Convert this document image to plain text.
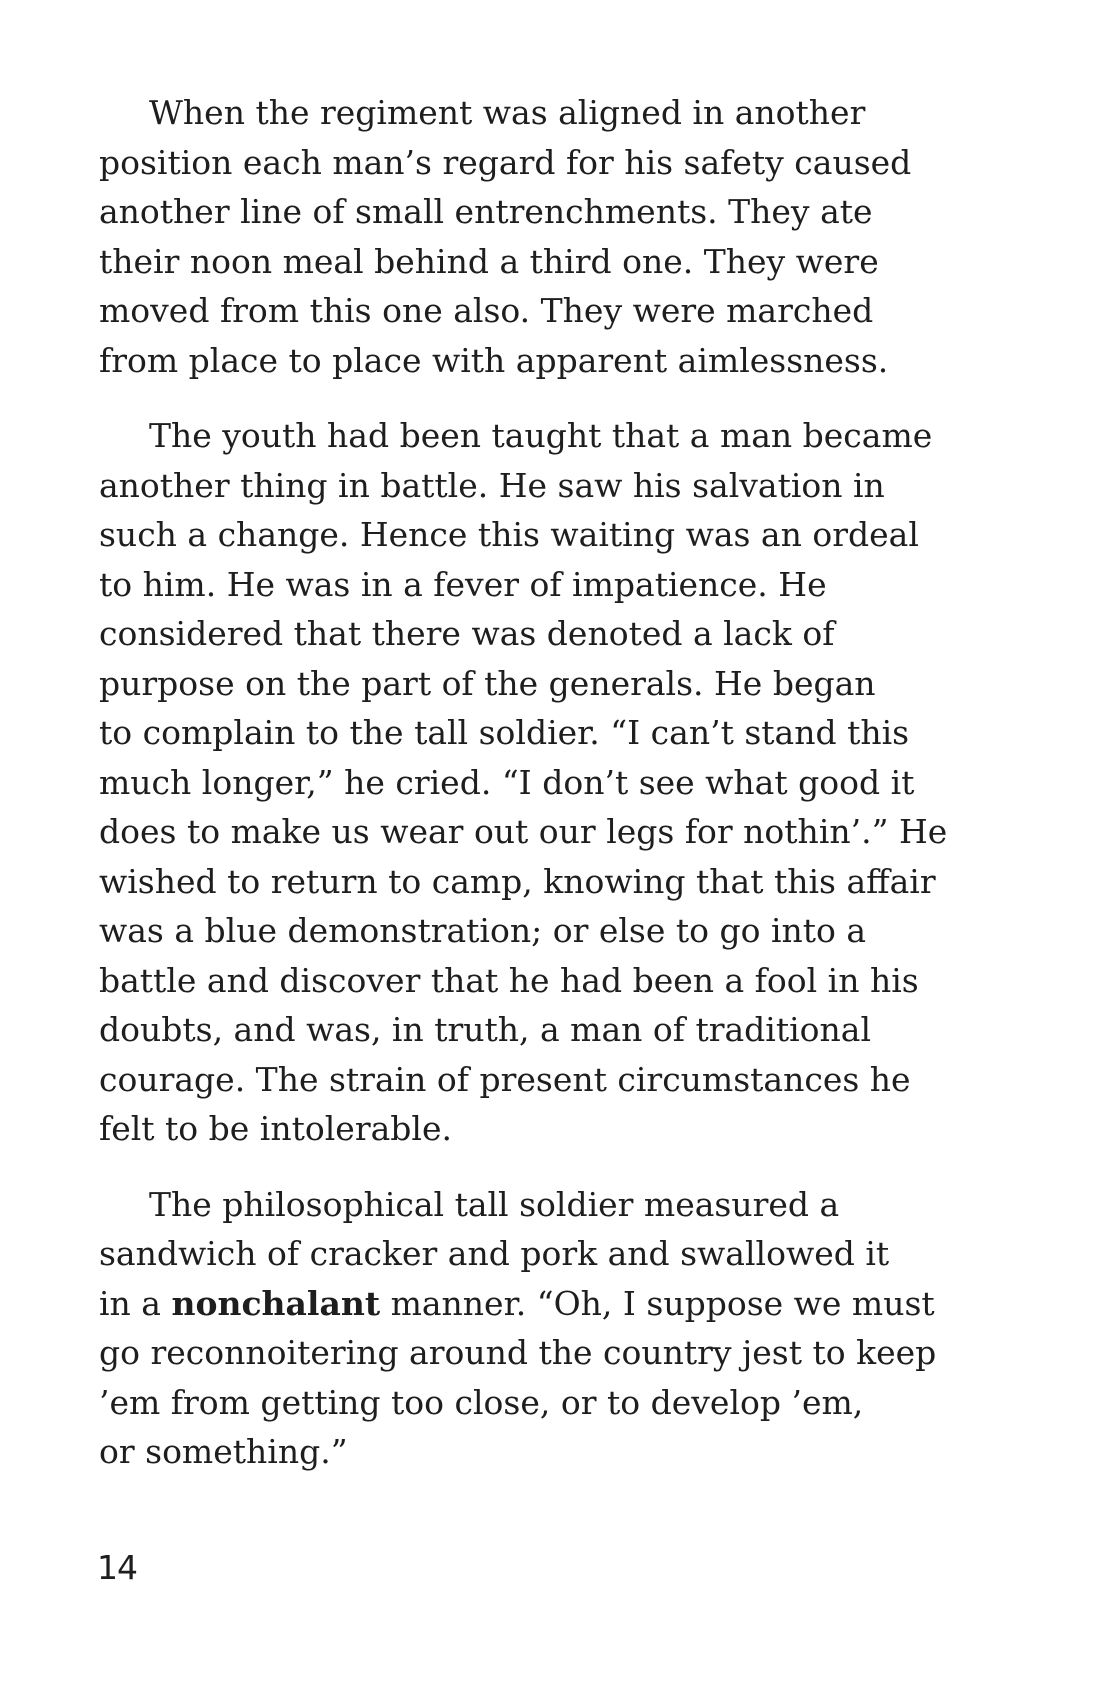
When the regiment was aligned in another
position each man’s regard for his safety caused
another line of small entrenchments. They ate
their noon meal behind a third one. They were
moved from this one also. They were marched
from place to place with apparent aimlessness.

The youth had been taught that a man became
another thing in battle. He saw his salvation in
such a change. Hence this waiting was an ordeal
to him. He was in a fever of impatience. He
considered that there was denoted a lack of
purpose on the part of the generals. He began
to complain to the tall soldier. “I can’t stand this
much longer,” he cried. “I don’t see what good it
does to make us wear out our legs for nothin’.” He
wished to return to camp, knowing that this affair
was a blue demonstration; or else to go into a
battle and discover that he had been a fool in his
doubts, and was, in truth, a man of traditional
courage. The strain of present circumstances he
felt to be intolerable.

The philosophical tall soldier measured a
sandwich of cracker and pork and swallowed it
in a nonchalant manner. “Oh, I suppose we must
go reconnoitering around the country jest to keep
’em from getting too close, or to develop ’em,
or something.”

14
